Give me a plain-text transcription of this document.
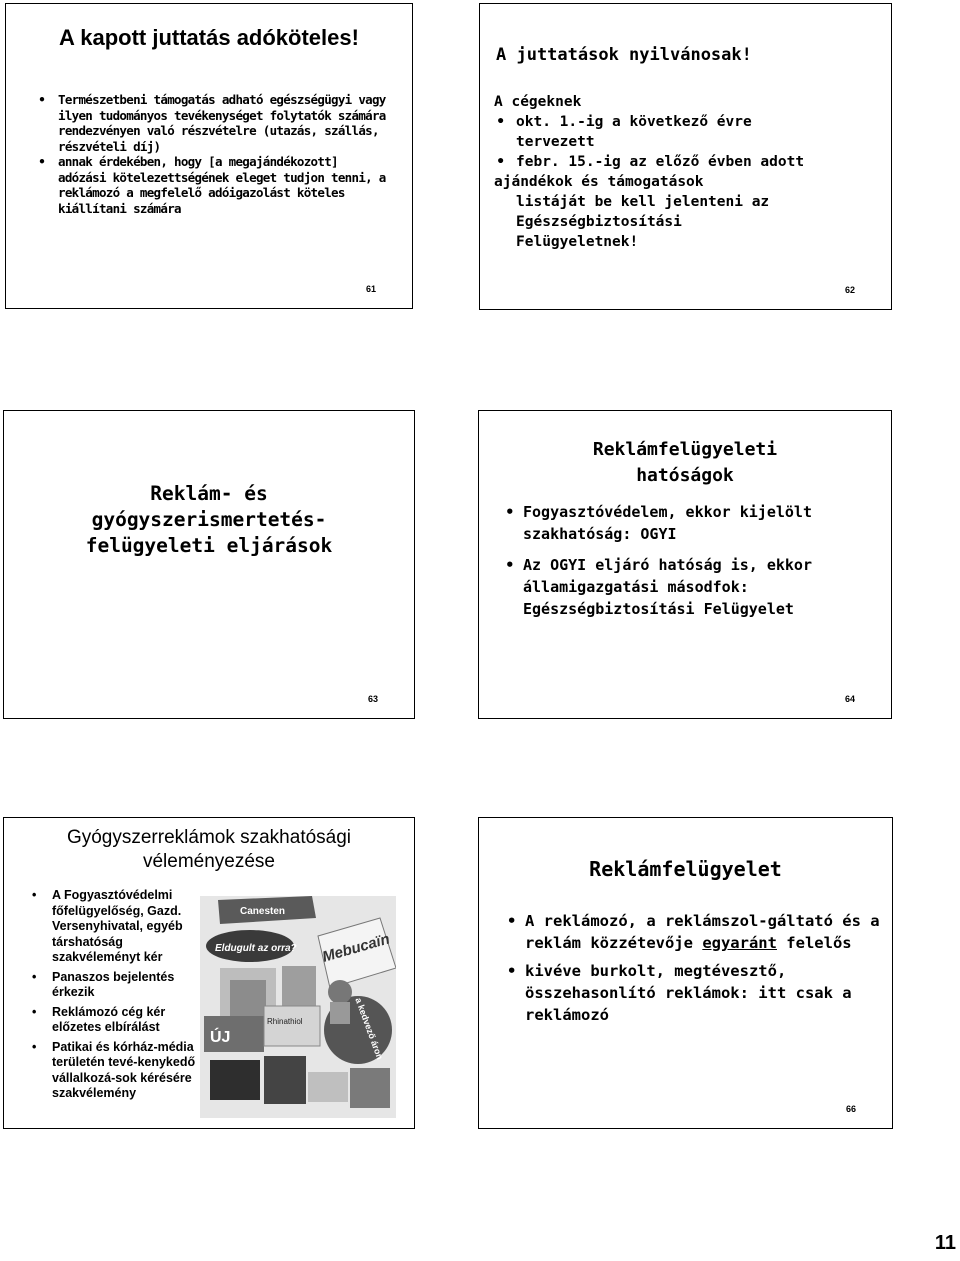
A kapott juttatás adóköteles!
• Természetbeni támogatás adható egészségügyi vagy ilyen tudományos tevékenységet folytatók számára rendezvényen való részvételre (utazás, szállás, részvételi díj)
• annak érdekében, hogy [a megajándékozott] adózási kötelezettségének eleget tudjon tenni, a reklámozó a megfelelő adóigazolást köteles kiállítani számára
61
A juttatások nyilvánosak!
A cégeknek
• okt. 1.-ig a következő évre
tervezett
• febr. 15.-ig az előző évben adott
ajándékok és támogatások
listáját be kell jelenteni az
Egészségbiztosítási
Felügyeletnek!
62
Reklám- és
gyógyszerismertetés-
felügyeleti eljárások
63
Reklámfelügyeleti
hatóságok
• Fogyasztóvédelem, ekkor kijelölt szakhatóság: OGYI
• Az OGYI eljáró hatóság is, ekkor államigazgatási másodfok: Egészségbiztosítási Felügyelet
64
Gyógyszerreklámok szakhatósági
véleményezése
• A Fogyasztóvédelmi főfelügyelőség, Gazd. Versenyhivatal, egyéb társhatóság szakvéleményt kér
• Panaszos bejelentés érkezik
• Reklámozó cég kér előzetes elbírálást
• Patikai és kórház-média területén tevé-kenykedő vállalkozá-sok kérésére szakvélemény
Canesten
Eldugult az orra? Mebucaïn
ÚJ
Rhinathiol	a kedvező áron
Reklámfelügyelet
• A reklámozó, a reklámszol-gáltató és a reklám közzétevője egyaránt felelős
• kivéve burkolt, megtévesztő, összehasonlító reklámok: itt csak a reklámozó
66
11
